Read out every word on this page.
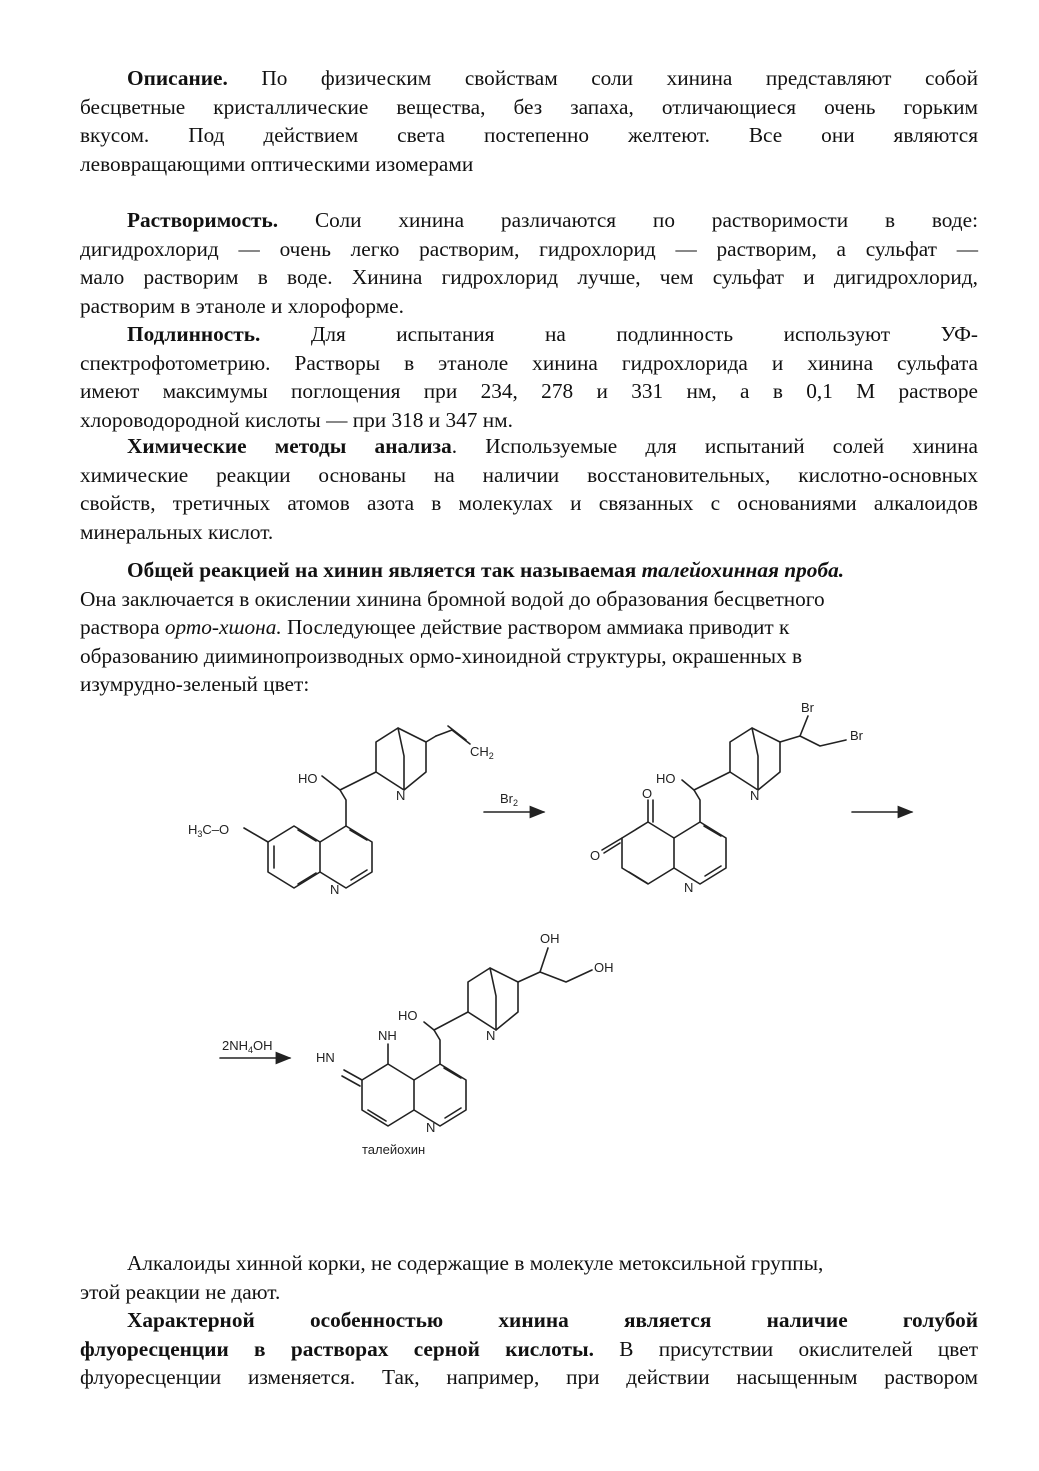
Описание. По физическим свойствам соли хинина представляют собой
бесцветные кристаллические вещества, без запаха, отличающиеся очень горьким
вкусом. Под действием света постепенно желтеют. Все они являются
левовращающими оптическими изомерами
Растворимость. Соли хинина различаются по растворимости в воде:
дигидрохлорид — очень легко растворим, гидрохлорид — растворим, а сульфат —
мало растворим в воде. Хинина гидрохлорид лучше, чем сульфат и дигидрохлорид,
растворим в этаноле и хлороформе.
Подлинность. Для испытания на подлинность используют УФ-
спектрофотометрию. Растворы в этаноле хинина гидрохлорида и хинина сульфата
имеют максимумы поглощения при 234, 278 и 331 нм, а в 0,1 М растворе
хлороводородной кислоты — при 318 и 347 нм.
Химические методы анализа. Используемые для испытаний солей хинина
химические реакции основаны на наличии восстановительных, кислотно-основных
свойств, третичных атомов азота в молекулах и связанных с основаниями алкалоидов
минеральных кислот.
Общей реакцией на хинин является так называемая талейохинная проба.
Она заключается в окислении хинина бромной водой до образования бесцветного
раствора орто-хшона. Последующее действие раствором аммиака приводит к
образованию дииминопроизводных ормо-хиноидной структуры, окрашенных в
изумрудно-зеленый цвет:
$H_3C-O$
HO
N
N
$CH_2$
$Br_2$
O
O
HO
N
N
Br
Br
$2NH_4OH$
NH
HN
HO
N
N
OH
OH
талейохин
Алкалоиды хинной корки, не содержащие в молекуле метоксильной группы,
этой реакции не дают.
Характерной особенностью хинина является наличие голубой
флуоресценции в растворах серной кислоты. В присутствии окислителей цвет
флуоресценции изменяется. Так, например, при действии насыщенным раствором
